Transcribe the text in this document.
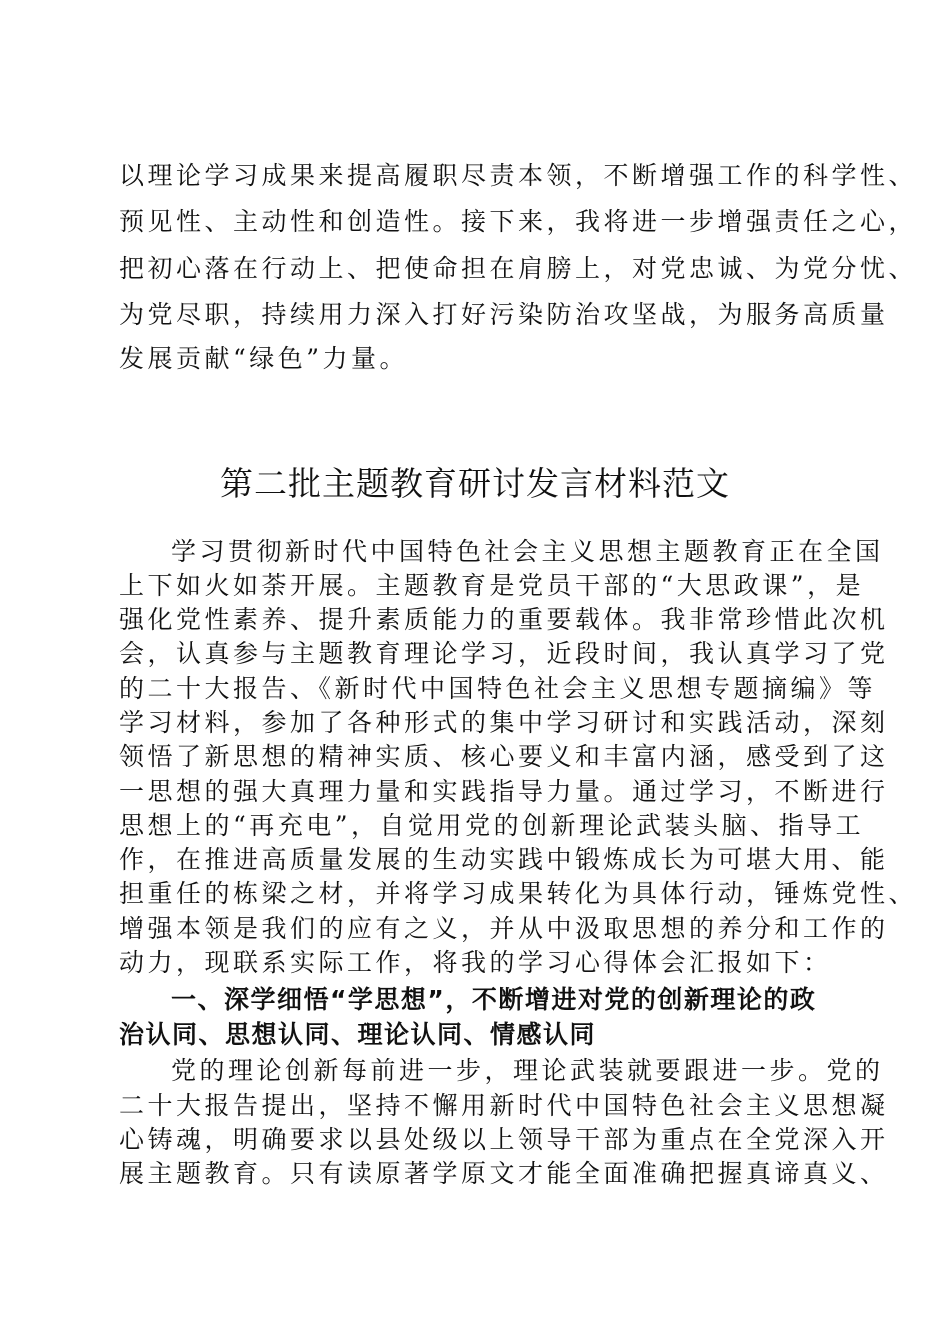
以理论学习成果来提高履职尽责本领，不断增强工作的科学性、
预见性、主动性和创造性。接下来，我将进一步增强责任之心，
把初心落在行动上、把使命担在肩膀上，对党忠诚、为党分忧、
为党尽职，持续用力深入打好污染防治攻坚战，为服务高质量
发展贡献“绿色”力量。
第二批主题教育研讨发言材料范文
学习贯彻新时代中国特色社会主义思想主题教育正在全国
上下如火如荼开展。主题教育是党员干部的“大思政课”，是
强化党性素养、提升素质能力的重要载体。我非常珍惜此次机
会，认真参与主题教育理论学习，近段时间，我认真学习了党
的二十大报告、《新时代中国特色社会主义思想专题摘编》等
学习材料，参加了各种形式的集中学习研讨和实践活动，深刻
领悟了新思想的精神实质、核心要义和丰富内涵，感受到了这
一思想的强大真理力量和实践指导力量。通过学习，不断进行
思想上的“再充电”，自觉用党的创新理论武装头脑、指导工
作，在推进高质量发展的生动实践中锻炼成长为可堪大用、能
担重任的栋梁之材，并将学习成果转化为具体行动，锤炼党性、
增强本领是我们的应有之义，并从中汲取思想的养分和工作的
动力，现联系实际工作，将我的学习心得体会汇报如下：
一、深学细悟“学思想”，不断增进对党的创新理论的政
治认同、思想认同、理论认同、情感认同
党的理论创新每前进一步，理论武装就要跟进一步。党的
二十大报告提出，坚持不懈用新时代中国特色社会主义思想凝
心铸魂，明确要求以县处级以上领导干部为重点在全党深入开
展主题教育。只有读原著学原文才能全面准确把握真谛真义、
